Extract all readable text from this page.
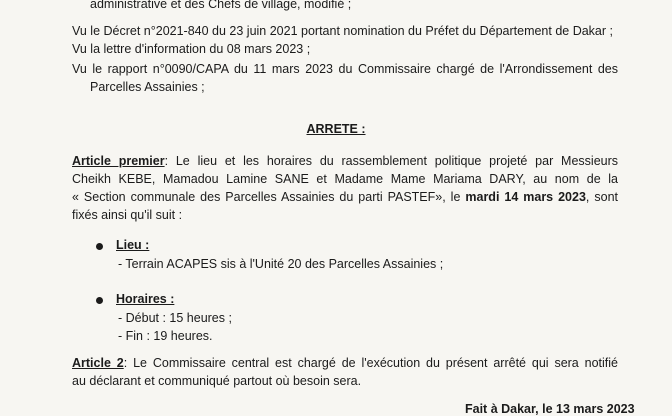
administrative et des Chefs de village, modifié ;
Vu le Décret n°2021-840 du 23 juin 2021 portant nomination du Préfet du Département de Dakar ;
Vu la lettre d'information du 08 mars 2023 ;
Vu le rapport n°0090/CAPA du 11 mars 2023 du Commissaire chargé de l'Arrondissement des
Parcelles Assainies ;
ARRETE :
Article premier: Le lieu et les horaires du rassemblement politique projeté par Messieurs
Cheikh KEBE, Mamadou Lamine SANE et Madame Mame Mariama DARY, au nom de la
« Section communale des Parcelles Assainies du parti PASTEF», le mardi 14 mars 2023, sont
fixés ainsi qu'il suit :
Lieu :
- Terrain ACAPES sis à l'Unité 20 des Parcelles Assainies ;
Horaires :
- Début : 15 heures ;
- Fin : 19 heures.
Article 2: Le Commissaire central est chargé de l'exécution du présent arrêté qui sera notifié
au déclarant et communiqué partout où besoin sera.
Fait à Dakar, le 13 mars 2023
